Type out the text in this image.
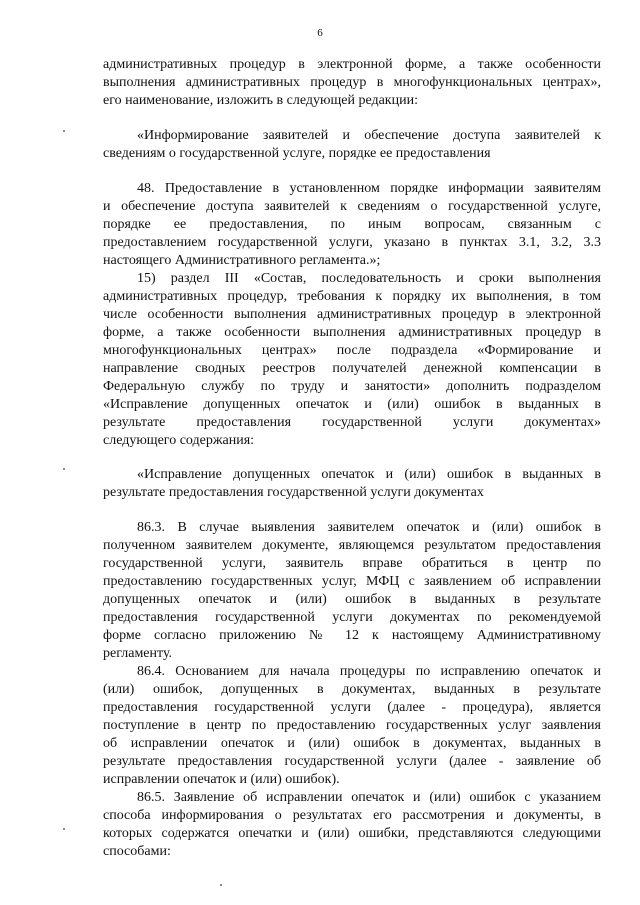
6

административных процедур в электронной форме, а также особенности

выполнения административных процедур в многофункциональных центрах»,

его наименование, изложить в следующей редакции:

«Информирование заявителей и обеспечение доступа заявителей к

сведениям о государственной услуге, порядке ее предоставления

48. Предоставление в установленном порядке информации заявителям

и обеспечение доступа заявителей к сведениям о государственной услуге,

порядке ее предоставления, по иным вопросам, связанным с

предоставлением государственной услуги, указано в пунктах 3.1, 3.2, 3.3

настоящего Административного регламента.»;

15) раздел III «Состав, последовательность и сроки выполнения

административных процедур, требования к порядку их выполнения, в том

числе особенности выполнения административных процедур в электронной

форме, а также особенности выполнения административных процедур в

многофункциональных центрах» после подраздела «Формирование и

направление сводных реестров получателей денежной компенсации в

Федеральную службу по труду и занятости» дополнить подразделом

«Исправление допущенных опечаток и (или) ошибок в выданных в

результате предоставления государственной услуги документах»

следующего содержания:

«Исправление допущенных опечаток и (или) ошибок в выданных в

результате предоставления государственной услуги документах

86.3. В случае выявления заявителем опечаток и (или) ошибок в

полученном заявителем документе, являющемся результатом предоставления

государственной услуги, заявитель вправе обратиться в центр по

предоставлению государственных услуг, МФЦ с заявлением об исправлении

допущенных опечаток и (или) ошибок в выданных в результате

предоставления государственной услуги документах по рекомендуемой

форме согласно приложению № 12 к настоящему Административному

регламенту.

86.4. Основанием для начала процедуры по исправлению опечаток и

(или) ошибок, допущенных в документах, выданных в результате

предоставления государственной услуги (далее - процедура), является

поступление в центр по предоставлению государственных услуг заявления

об исправлении опечаток и (или) ошибок в документах, выданных в

результате предоставления государственной услуги (далее - заявление об

исправлении опечаток и (или) ошибок).

86.5. Заявление об исправлении опечаток и (или) ошибок с указанием

способа информирования о результатах его рассмотрения и документы, в

которых содержатся опечатки и (или) ошибки, представляются следующими

способами:
